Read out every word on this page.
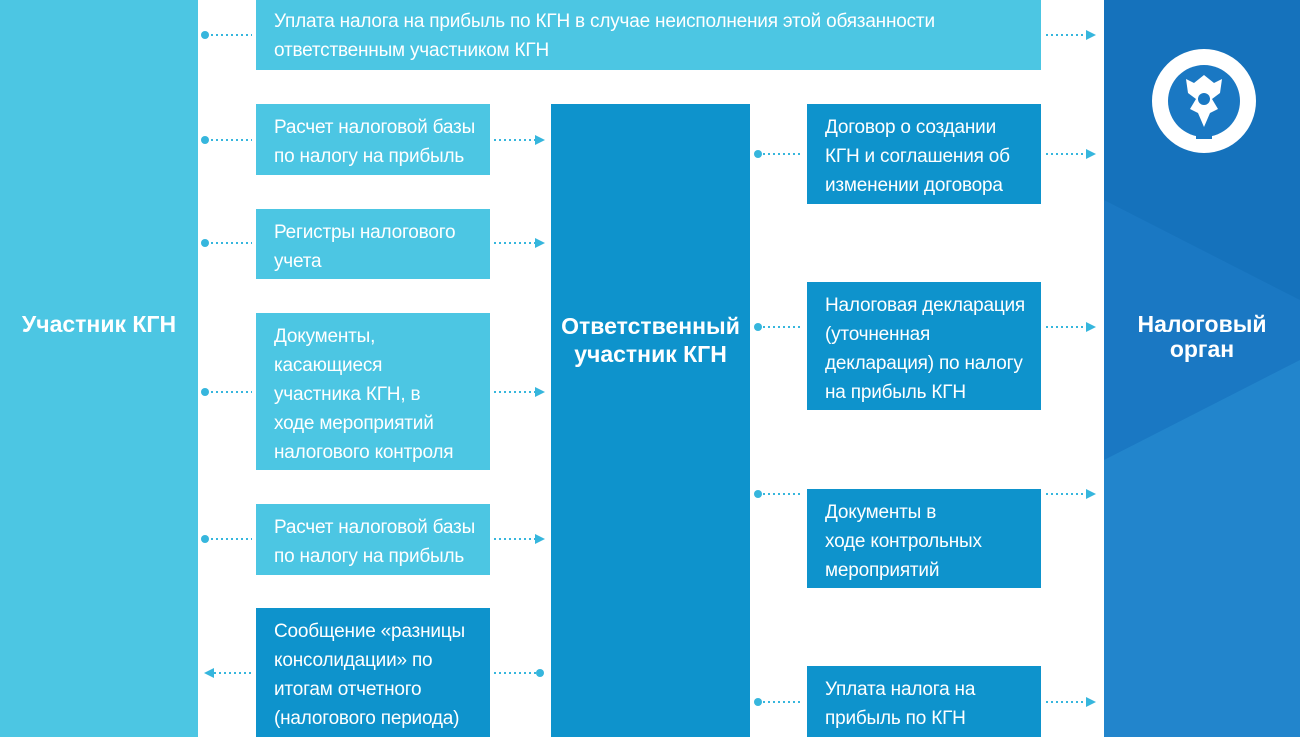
Участник КГН	Налоговый
орган
Уплата налога на прибыль по КГН в случае неисполнения этой обязанности
ответственным участником КГН
Ответственный
участник КГН
Расчет налоговой базы
по налогу на прибыль
Регистры налогового
учета
Документы,
касающиеся
участника КГН, в
ходе мероприятий
налогового контроля
Расчет налоговой базы
по налогу на прибыль
Сообщение «разницы
консолидации» по
итогам отчетного
(налогового периода)
Договор о создании
КГН и соглашения об
изменении договора
Налоговая декларация
(уточненная
декларация) по налогу
на прибыль КГН
Документы в
ходе контрольных
мероприятий
Уплата налога на
прибыль по КГН
